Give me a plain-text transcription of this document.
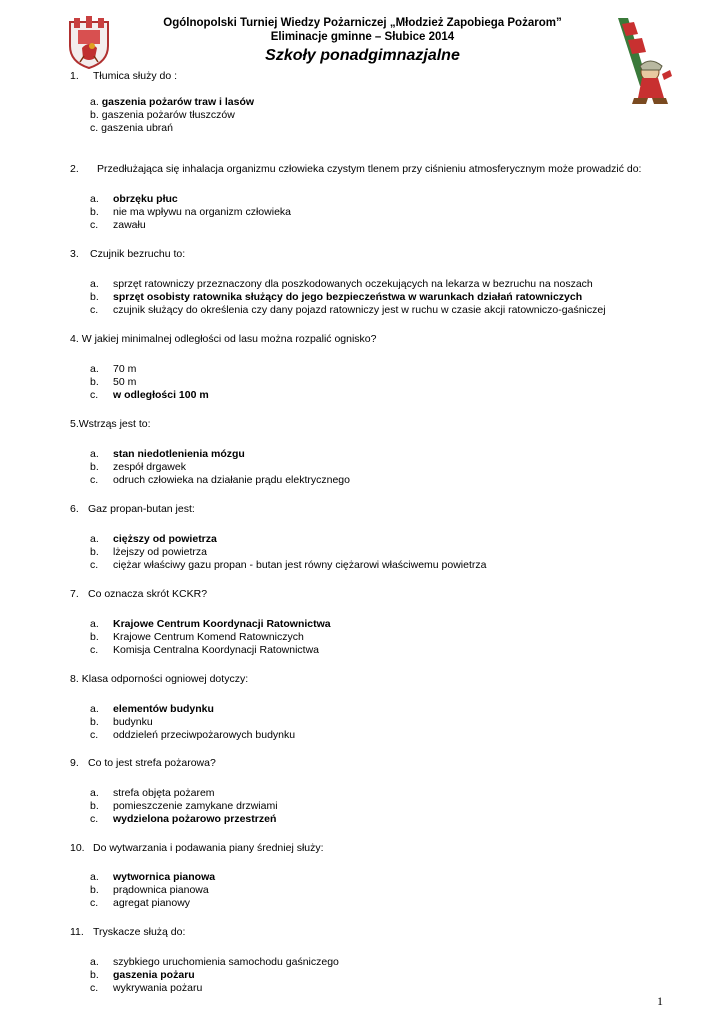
Ogólnopolski Turniej Wiedzy Pożarniczej „Młodzież Zapobiega Pożarom”
Eliminacje gminne – Słubice 2014
Szkoły ponadgimnazjalne
1. Tłumica służy do :
a. gaszenia pożarów traw i lasów
b. gaszenia pożarów tłuszczów
c. gaszenia ubrań
2. Przedłużająca się inhalacja organizmu człowieka czystym tlenem przy ciśnieniu atmosferycznym może prowadzić do:
a. obrzęku płuc
b. nie ma wpływu na organizm człowieka
c. zawału
3. Czujnik bezruchu to:
a. sprzęt ratowniczy przeznaczony dla poszkodowanych oczekujących na lekarza w bezruchu na noszach
b. sprzęt osobisty ratownika służący do jego bezpieczeństwa w warunkach działań ratowniczych
c. czujnik służący do określenia czy dany pojazd ratowniczy jest w ruchu w czasie akcji ratowniczo-gaśniczej
4. W jakiej minimalnej odległości od lasu można rozpalić ognisko?
a. 70 m
b. 50 m
c. w odległości 100 m
5.Wstrząs jest to:
a. stan niedotlenienia mózgu
b. zespół drgawek
c. odruch człowieka na działanie prądu elektrycznego
6. Gaz propan-butan jest:
a. cięższy od powietrza
b. lżejszy od powietrza
c. ciężar właściwy gazu propan - butan jest równy ciężarowi właściwemu powietrza
7. Co oznacza skrót KCKR?
a. Krajowe Centrum Koordynacji Ratownictwa
b. Krajowe Centrum Komend Ratowniczych
c. Komisja Centralna Koordynacji Ratownictwa
8. Klasa odporności ogniowej dotyczy:
a. elementów budynku
b. budynku
c. oddzieleń przeciwpożarowych budynku
9. Co to jest strefa pożarowa?
a. strefa objęta pożarem
b. pomieszczenie zamykane drzwiami
c. wydzielona pożarowo przestrzeń
10. Do wytwarzania i podawania piany średniej służy:
a. wytwornica pianowa
b. prądownica pianowa
c. agregat pianowy
11. Tryskacze służą do:
a. szybkiego uruchomienia samochodu gaśniczego
b. gaszenia pożaru
c. wykrywania pożaru
1
